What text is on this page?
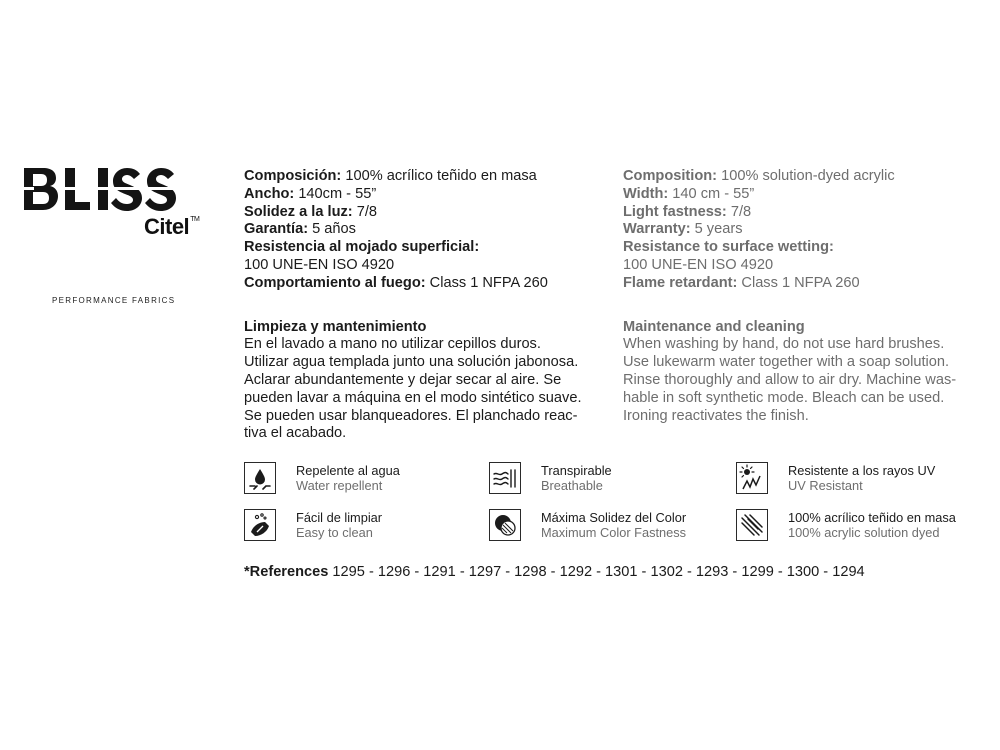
Citel™
PERFORMANCE FABRICS
Composición: 100% acrílico teñido en masa
Ancho: 140cm - 55”
Solidez a la luz: 7/8
Garantía: 5 años
Resistencia al mojado superficial:
100 UNE-EN ISO 4920
Comportamiento al fuego: Class 1 NFPA 260
Limpieza y mantenimiento
En el lavado a mano no utilizar cepillos duros.
Utilizar agua templada junto una solución jabonosa.
Aclarar abundantemente y dejar secar al aire. Se
pueden lavar a máquina en el modo sintético suave.
Se pueden usar blanqueadores. El planchado reac-
tiva el acabado.
Composition: 100% solution-dyed acrylic
Width: 140 cm - 55”
Light fastness: 7/8
Warranty: 5 years
Resistance to surface wetting:
100 UNE-EN ISO 4920
Flame retardant: Class 1 NFPA 260
Maintenance and cleaning
When washing by hand, do not use hard brushes.
Use lukewarm water together with a soap solution.
Rinse thoroughly and allow to air dry. Machine was-
hable in soft synthetic mode. Bleach can be used.
Ironing reactivates the finish.
Repelente al agua
Water repellent
Transpirable
Breathable
Resistente a los rayos UV
UV Resistant
Fácil de limpiar
Easy to clean
Máxima Solidez del Color
Maximum Color Fastness
100% acrílico teñido en masa
100% acrylic solution dyed
*References 1295 - 1296 - 1291 - 1297 - 1298 - 1292 - 1301 - 1302 - 1293 - 1299 - 1300 - 1294
